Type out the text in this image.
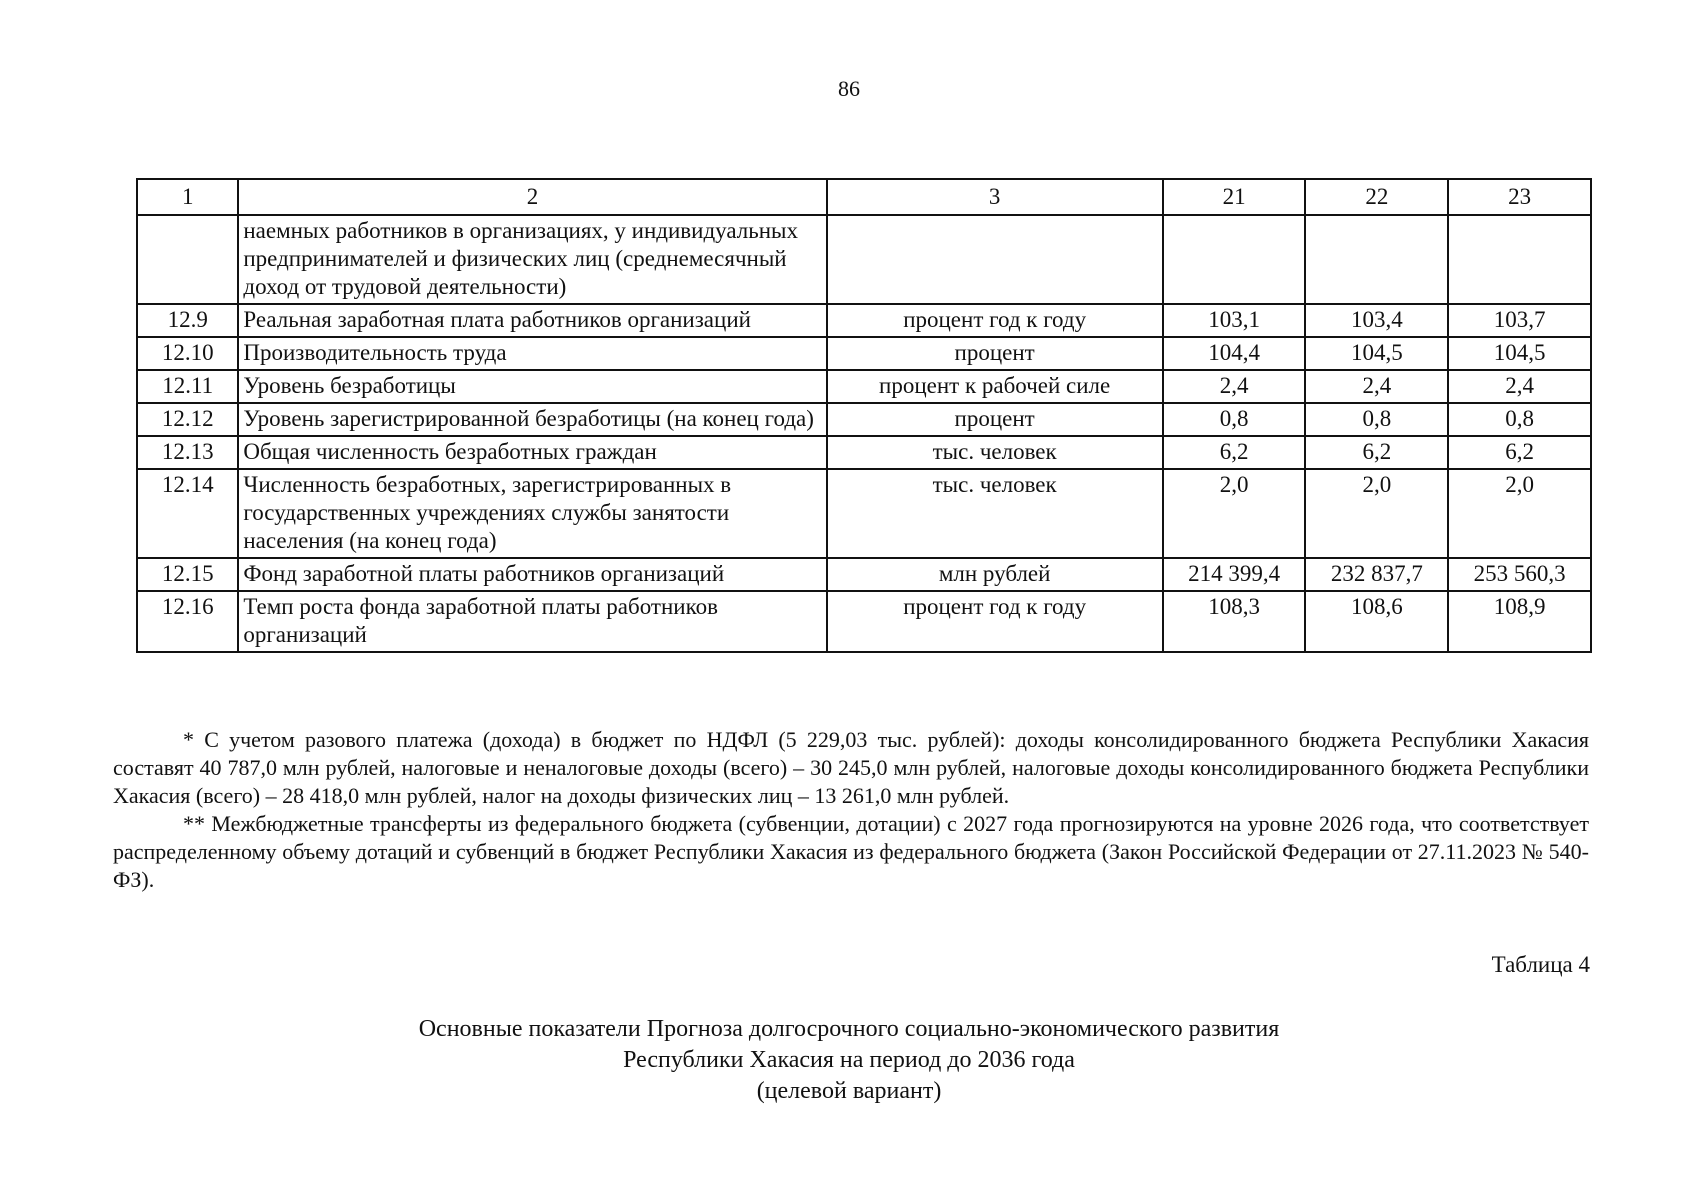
86
1	2	3	21	22	23
	наемных работников в организациях, у индивидуальных предпринимателей и физических лиц (среднемесячный доход от трудовой деятельности)				
12.9	Реальная заработная плата работников организаций	процент год к году	103,1	103,4	103,7
12.10	Производительность труда	процент	104,4	104,5	104,5
12.11	Уровень безработицы	процент к рабочей силе	2,4	2,4	2,4
12.12	Уровень зарегистрированной безработицы (на конец года)	процент	0,8	0,8	0,8
12.13	Общая численность безработных граждан	тыс. человек	6,2	6,2	6,2
12.14	Численность безработных, зарегистрированных в государственных учреждениях службы занятости населения (на конец года)	тыс. человек	2,0	2,0	2,0
12.15	Фонд заработной платы работников организаций	млн рублей	214 399,4	232 837,7	253 560,3
12.16	Темп роста фонда заработной платы работников организаций	процент год к году	108,3	108,6	108,9

* С учетом разового платежа (дохода) в бюджет по НДФЛ (5 229,03 тыс. рублей): доходы консолидированного бюджета Республики Хакасия составят 40 787,0 млн рублей, налоговые и неналоговые доходы (всего) – 30 245,0 млн рублей, налоговые доходы консолидированного бюджета Республики Хакасия (всего) – 28 418,0 млн рублей, налог на доходы физических лиц – 13 261,0 млн рублей.

** Межбюджетные трансферты из федерального бюджета (субвенции, дотации) с 2027 года прогнозируются на уровне 2026 года, что соответствует распределенному объему дотаций и субвенций в бюджет Республики Хакасия из федерального бюджета (Закон Российской Федерации от 27.11.2023 № 540-ФЗ).

Таблица 4
Основные показатели Прогноза долгосрочного социально-экономического развития
Республики Хакасия на период до 2036 года
(целевой вариант)
